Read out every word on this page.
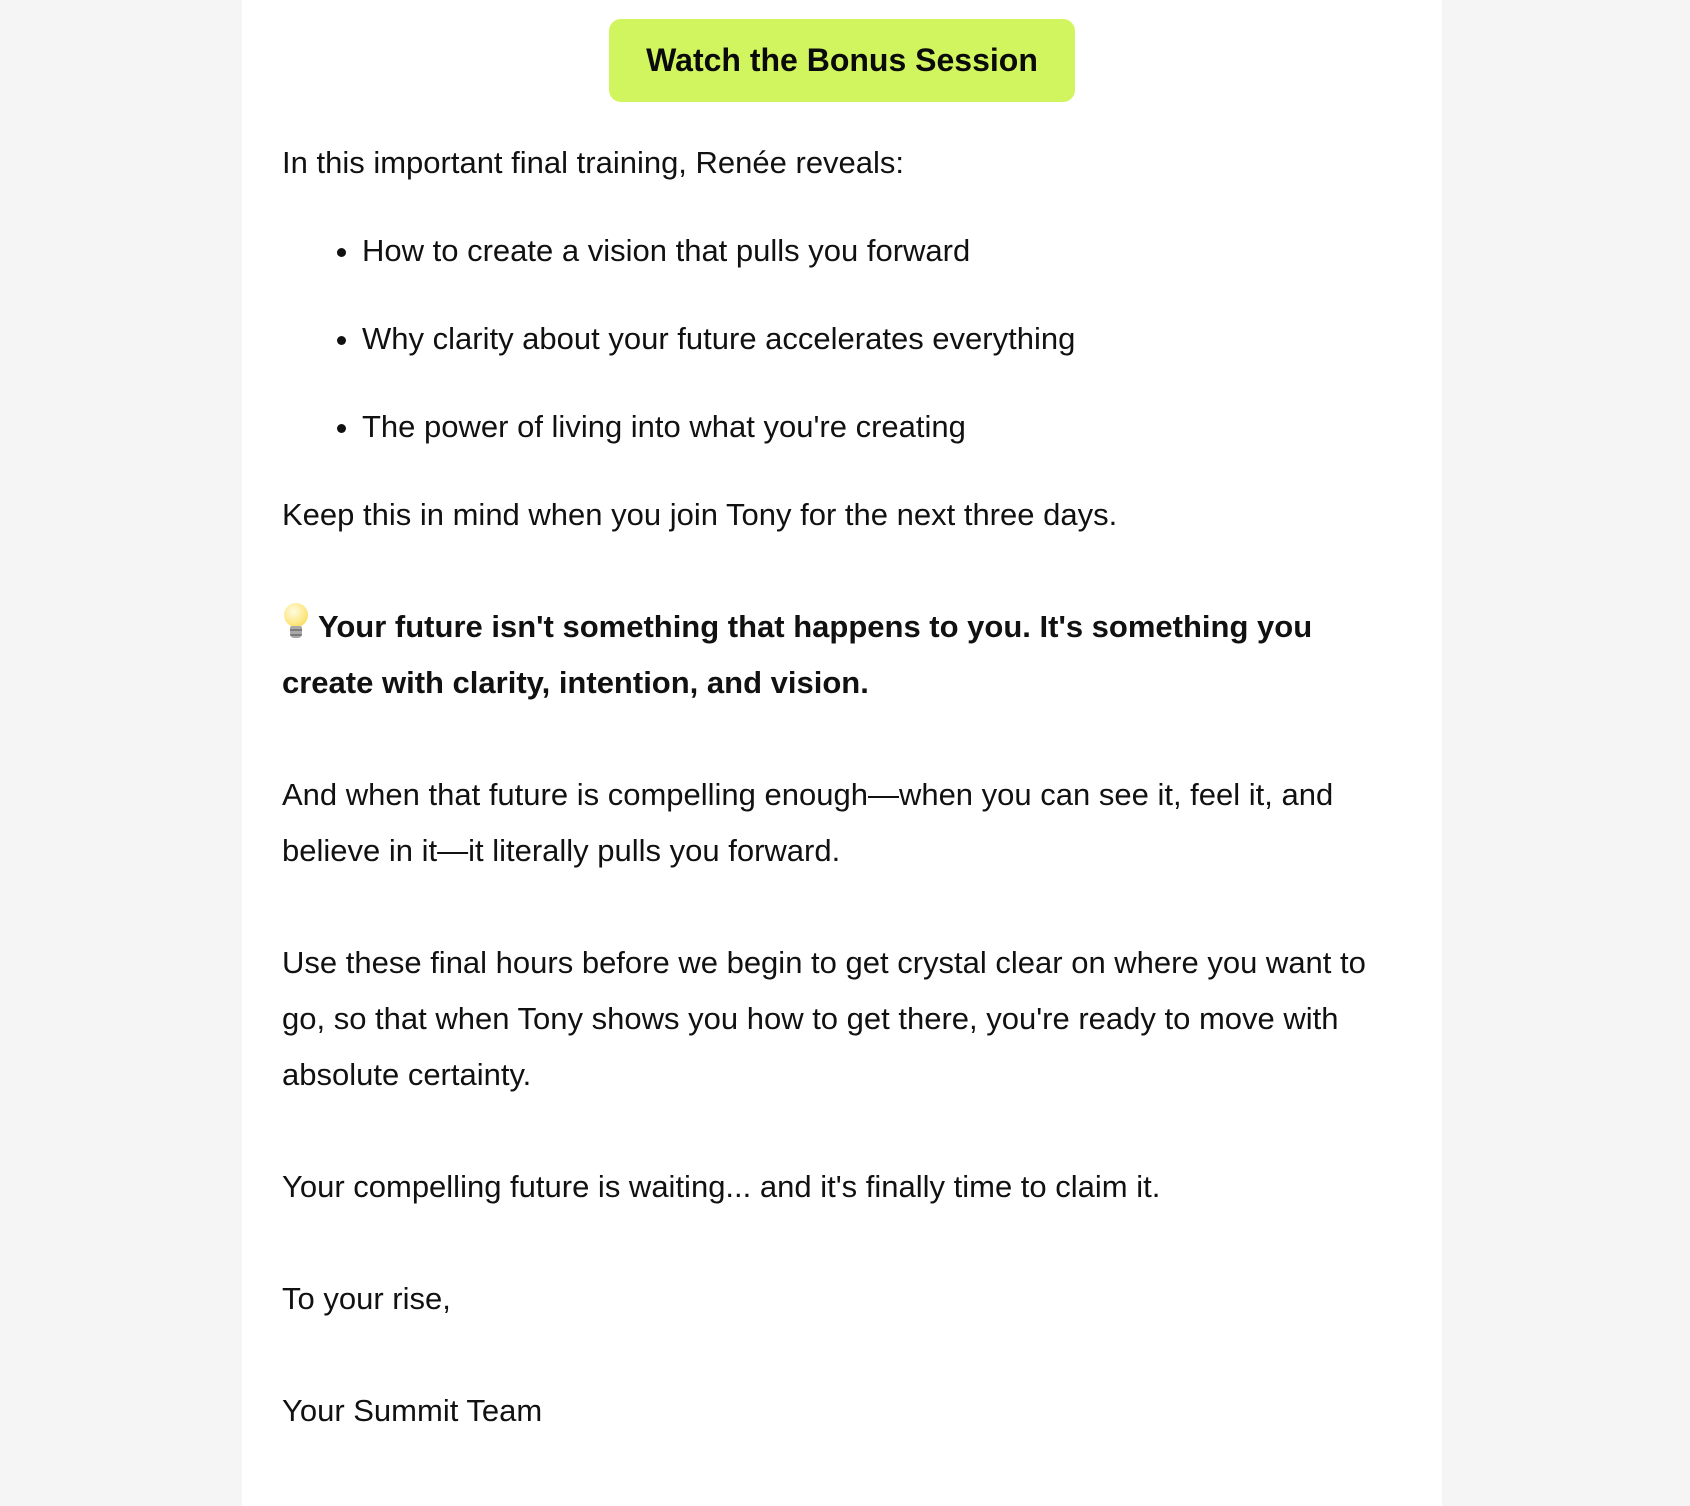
Watch the Bonus Session

In this important final training, Renée reveals:

• How to create a vision that pulls you forward
• Why clarity about your future accelerates everything
• The power of living into what you're creating

Keep this in mind when you join Tony for the next three days.

Your future isn't something that happens to you. It's something you create with clarity, intention, and vision.

And when that future is compelling enough—when you can see it, feel it, and believe in it—it literally pulls you forward.

Use these final hours before we begin to get crystal clear on where you want to go, so that when Tony shows you how to get there, you're ready to move with absolute certainty.

Your compelling future is waiting... and it's finally time to claim it.

To your rise,

Your Summit Team
